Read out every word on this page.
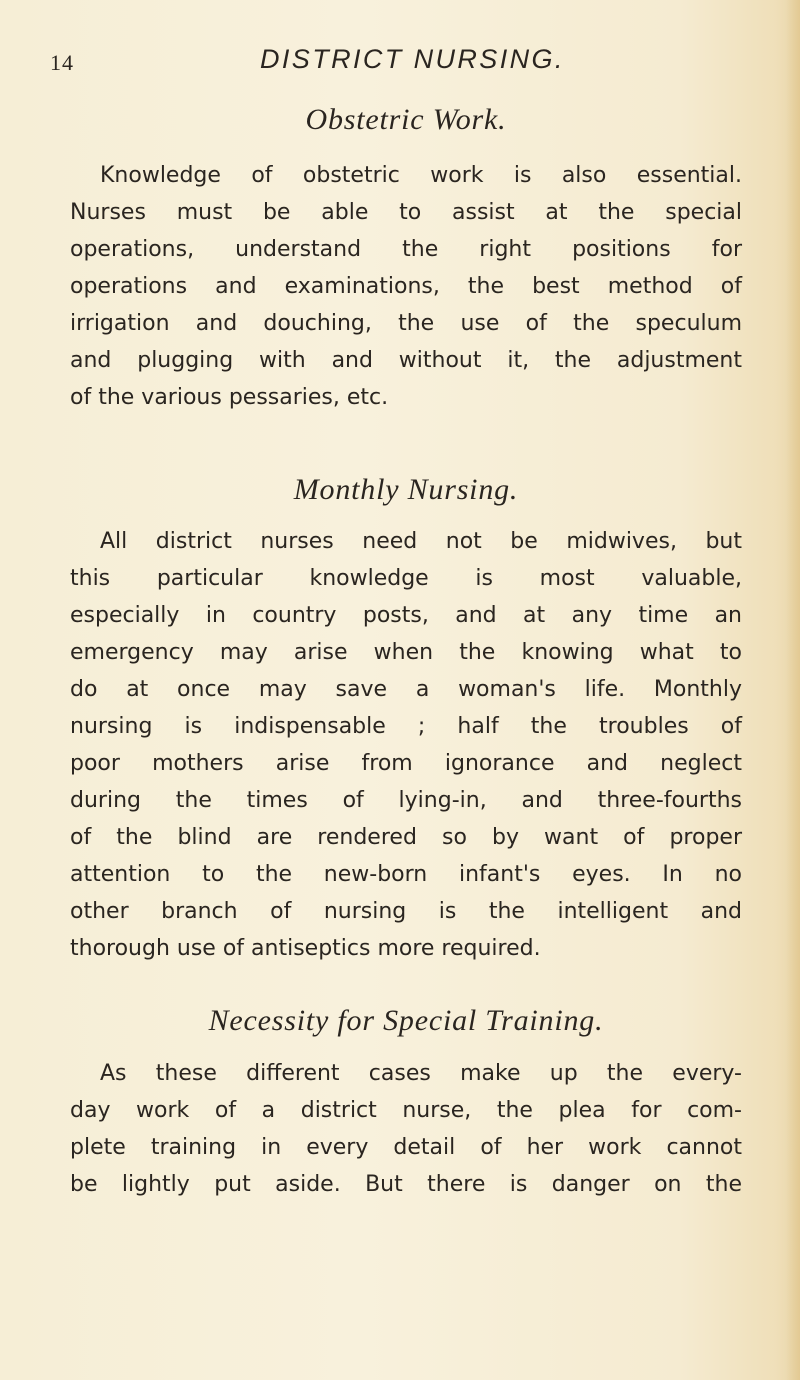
14	DISTRICT NURSING.
Obstetric Work.
Knowledge of obstetric work is also essential.
Nurses must be able to assist at the special
operations, understand the right positions for
operations and examinations, the best method of
irrigation and douching, the use of the speculum
and plugging with and without it, the adjustment
of the various pessaries, etc.
Monthly Nursing.
All district nurses need not be midwives, but
this particular knowledge is most valuable,
especially in country posts, and at any time an
emergency may arise when the knowing what to
do at once may save a woman's life. Monthly
nursing is indispensable ; half the troubles of
poor mothers arise from ignorance and neglect
during the times of lying-in, and three-fourths
of the blind are rendered so by want of proper
attention to the new-born infant's eyes. In no
other branch of nursing is the intelligent and
thorough use of antiseptics more required.
Necessity for Special Training.
As these different cases make up the every-
day work of a district nurse, the plea for com-
plete training in every detail of her work cannot
be lightly put aside. But there is danger on the
